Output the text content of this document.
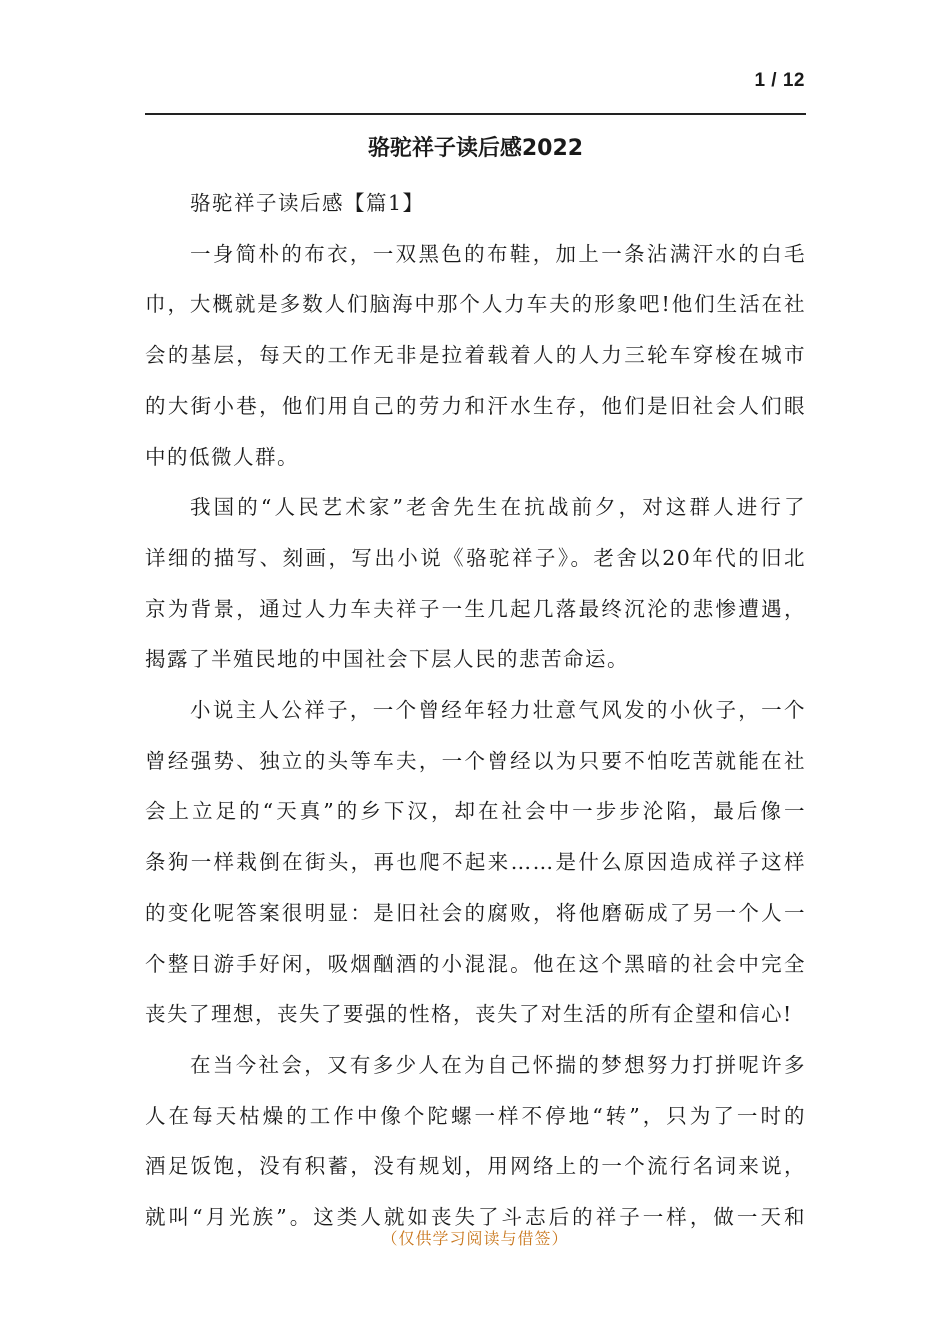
1 / 12
骆驼祥子读后感2022

骆驼祥子读后感【篇1】

一身简朴的布衣，一双黑色的布鞋，加上一条沾满汗水的白毛
巾，大概就是多数人们脑海中那个人力车夫的形象吧!他们生活在社
会的基层，每天的工作无非是拉着载着人的人力三轮车穿梭在城市
的大街小巷，他们用自己的劳力和汗水生存，他们是旧社会人们眼
中的低微人群。

我国的“人民艺术家”老舍先生在抗战前夕，对这群人进行了
详细的描写、刻画，写出小说《骆驼祥子》。老舍以20年代的旧北
京为背景，通过人力车夫祥子一生几起几落最终沉沦的悲惨遭遇，
揭露了半殖民地的中国社会下层人民的悲苦命运。

小说主人公祥子，一个曾经年轻力壮意气风发的小伙子，一个
曾经强势、独立的头等车夫，一个曾经以为只要不怕吃苦就能在社
会上立足的“天真”的乡下汉，却在社会中一步步沦陷，最后像一
条狗一样栽倒在街头，再也爬不起来……是什么原因造成祥子这样
的变化呢答案很明显：是旧社会的腐败，将他磨砺成了另一个人一
个整日游手好闲，吸烟酗酒的小混混。他在这个黑暗的社会中完全
丧失了理想，丧失了要强的性格，丧失了对生活的所有企望和信心!

在当今社会，又有多少人在为自己怀揣的梦想努力打拼呢许多
人在每天枯燥的工作中像个陀螺一样不停地“转”，只为了一时的
酒足饭饱，没有积蓄，没有规划，用网络上的一个流行名词来说，
就叫“月光族”。这类人就如丧失了斗志后的祥子一样，做一天和

（仅供学习阅读与借签）
